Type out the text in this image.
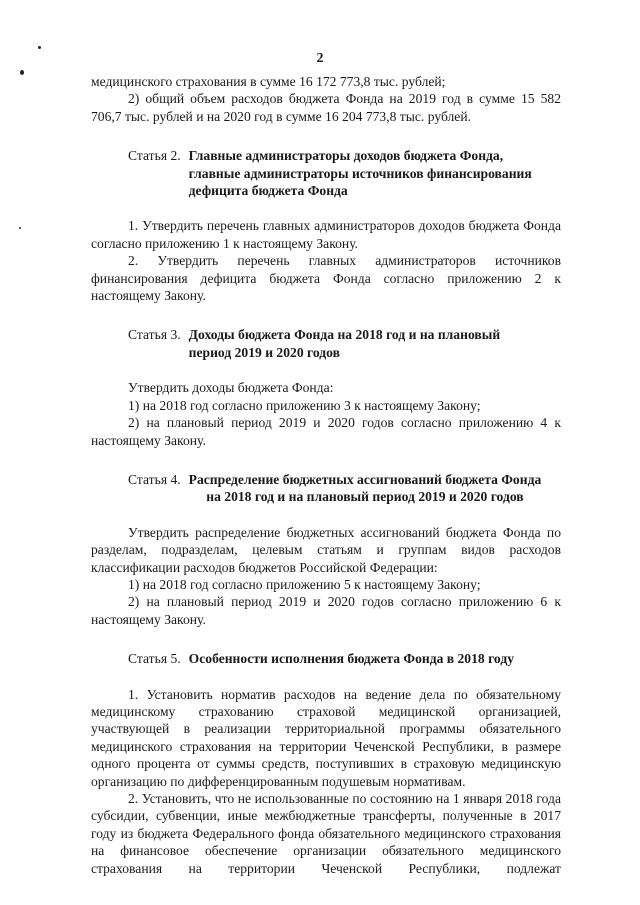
2

медицинского страхования в сумме 16 172 773,8 тыс. рублей;

2) общий объем расходов бюджета Фонда на 2019 год в сумме 15 582 706,7 тыс. рублей и на 2020 год в сумме 16 204 773,8 тыс. рублей.

Статья 2. Главные администраторы доходов бюджета Фонда,
главные администраторы источников финансирования
дефицита бюджета Фонда

1. Утвердить перечень главных администраторов доходов бюджета Фонда согласно приложению 1 к настоящему Закону.

2. Утвердить перечень главных администраторов источников финансирования дефицита бюджета Фонда согласно приложению 2 к настоящему Закону.

Статья 3. Доходы бюджета Фонда на 2018 год и на плановый
период 2019 и 2020 годов

Утвердить доходы бюджета Фонда:

1) на 2018 год согласно приложению 3 к настоящему Закону;

2) на плановый период 2019 и 2020 годов согласно приложению 4 к настоящему Закону.

Статья 4. Распределение бюджетных ассигнований бюджета Фонда
на 2018 год и на плановый период 2019 и 2020 годов

Утвердить распределение бюджетных ассигнований бюджета Фонда по разделам, подразделам, целевым статьям и группам видов расходов классификации расходов бюджетов Российской Федерации:

1) на 2018 год согласно приложению 5 к настоящему Закону;

2) на плановый период 2019 и 2020 годов согласно приложению 6 к настоящему Закону.

Статья 5. Особенности исполнения бюджета Фонда в 2018 году

1. Установить норматив расходов на ведение дела по обязательному медицинскому страхованию страховой медицинской организацией, участвующей в реализации территориальной программы обязательного медицинского страхования на территории Чеченской Республики, в размере одного процента от суммы средств, поступивших в страховую медицинскую организацию по дифференцированным подушевым нормативам.

2. Установить, что не использованные по состоянию на 1 января 2018 года субсидии, субвенции, иные межбюджетные трансферты, полученные в 2017 году из бюджета Федерального фонда обязательного медицинского страхования на финансовое обеспечение организации обязательного медицинского страхования на территории Чеченской Республики, подлежат
